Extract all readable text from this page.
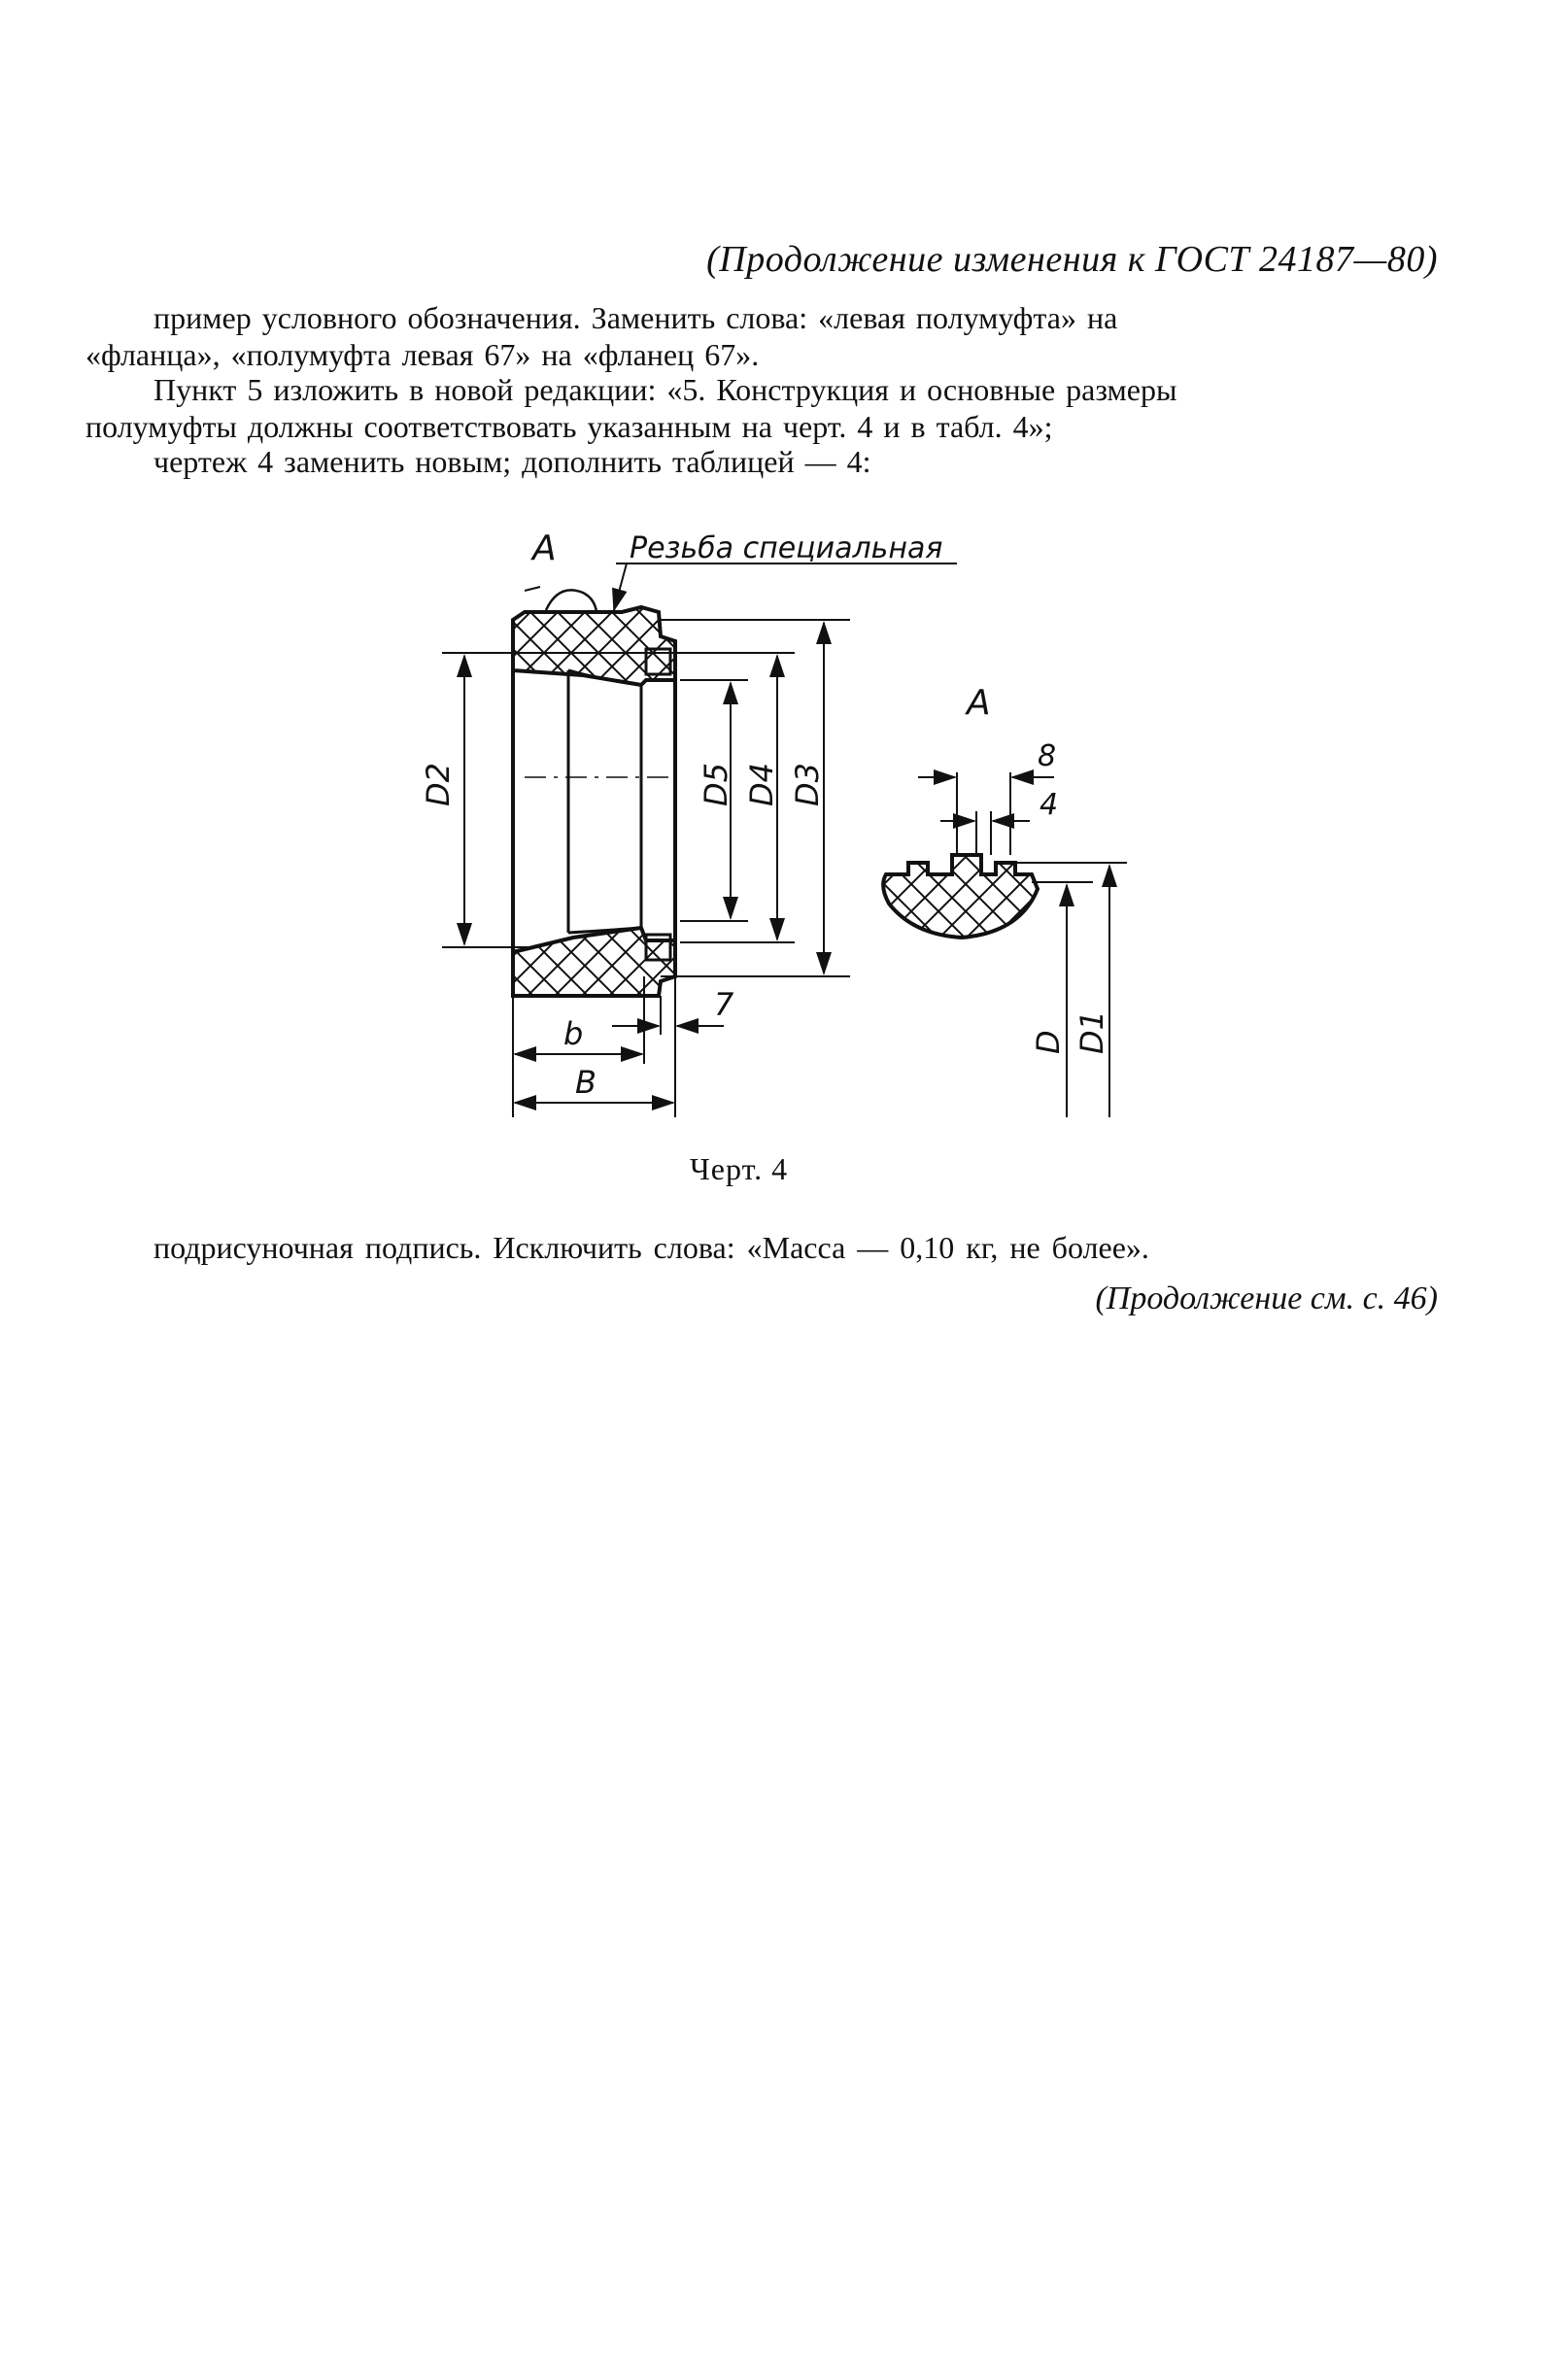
(Продолжение изменения к ГОСТ 24187—80)
пример условного обозначения. Заменить слова: «левая полумуфта» на
«фланца», «полумуфта левая 67» на «фланец 67».
Пункт 5 изложить в новой редакции: «5. Конструкция и основные размеры
полумуфты должны соответствовать указанным на черт. 4 и в табл. 4»;
чертеж 4 заменить новым; дополнить таблицей — 4:
A	Резьба специальная
D2	D5 D4 D3
b
B
7
A
8
4
D D1
Черт. 4
подрисуночная подпись. Исключить слова: «Масса — 0,10 кг, не более».
(Продолжение см. с. 46)
